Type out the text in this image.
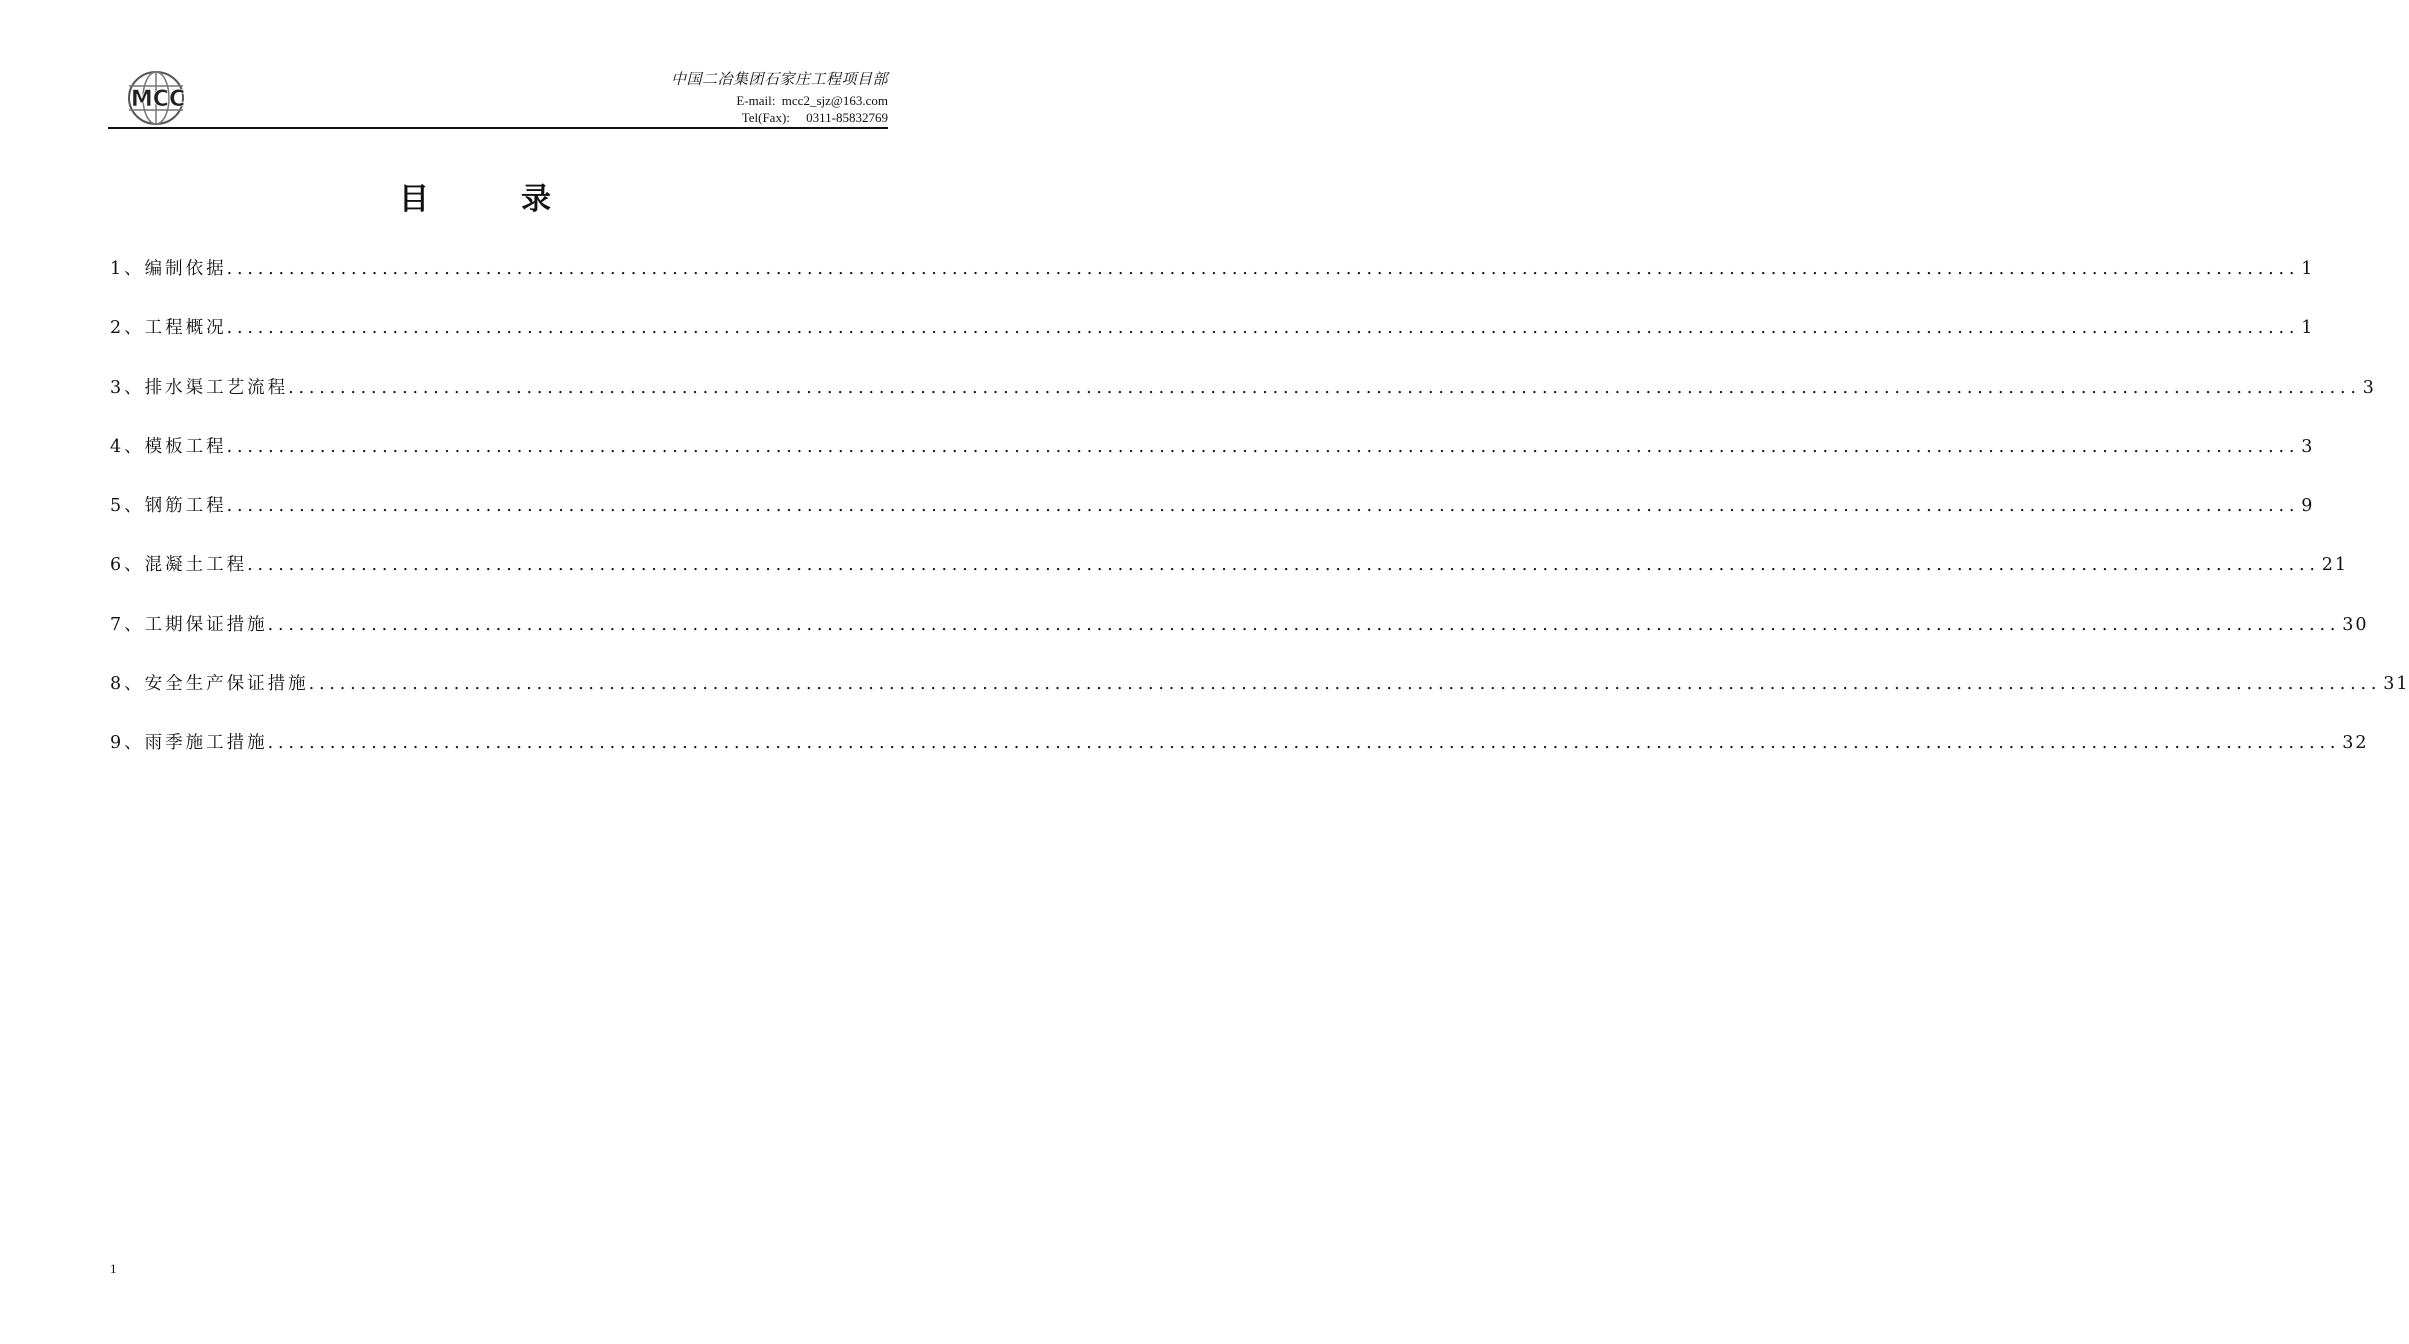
MCC
中国二冶集团石家庄工程项目部
E-mail:  mcc2_sjz@163.com
Tel(Fax):     0311-85832769
目	录
1、 编制依据 ........................................................................................................................................................................................................ 1
2、 工程概况 ........................................................................................................................................................................................................ 1
3、 排水渠工艺流程 ........................................................................................................................................................................................................ 3
4、 模板工程 ........................................................................................................................................................................................................ 3
5、 钢筋工程 ........................................................................................................................................................................................................ 9
6、 混凝土工程 ........................................................................................................................................................................................................ 21
7、 工期保证措施 ........................................................................................................................................................................................................ 30
8、 安全生产保证措施 ........................................................................................................................................................................................................ 31
9、 雨季施工措施 ........................................................................................................................................................................................................ 32
1
